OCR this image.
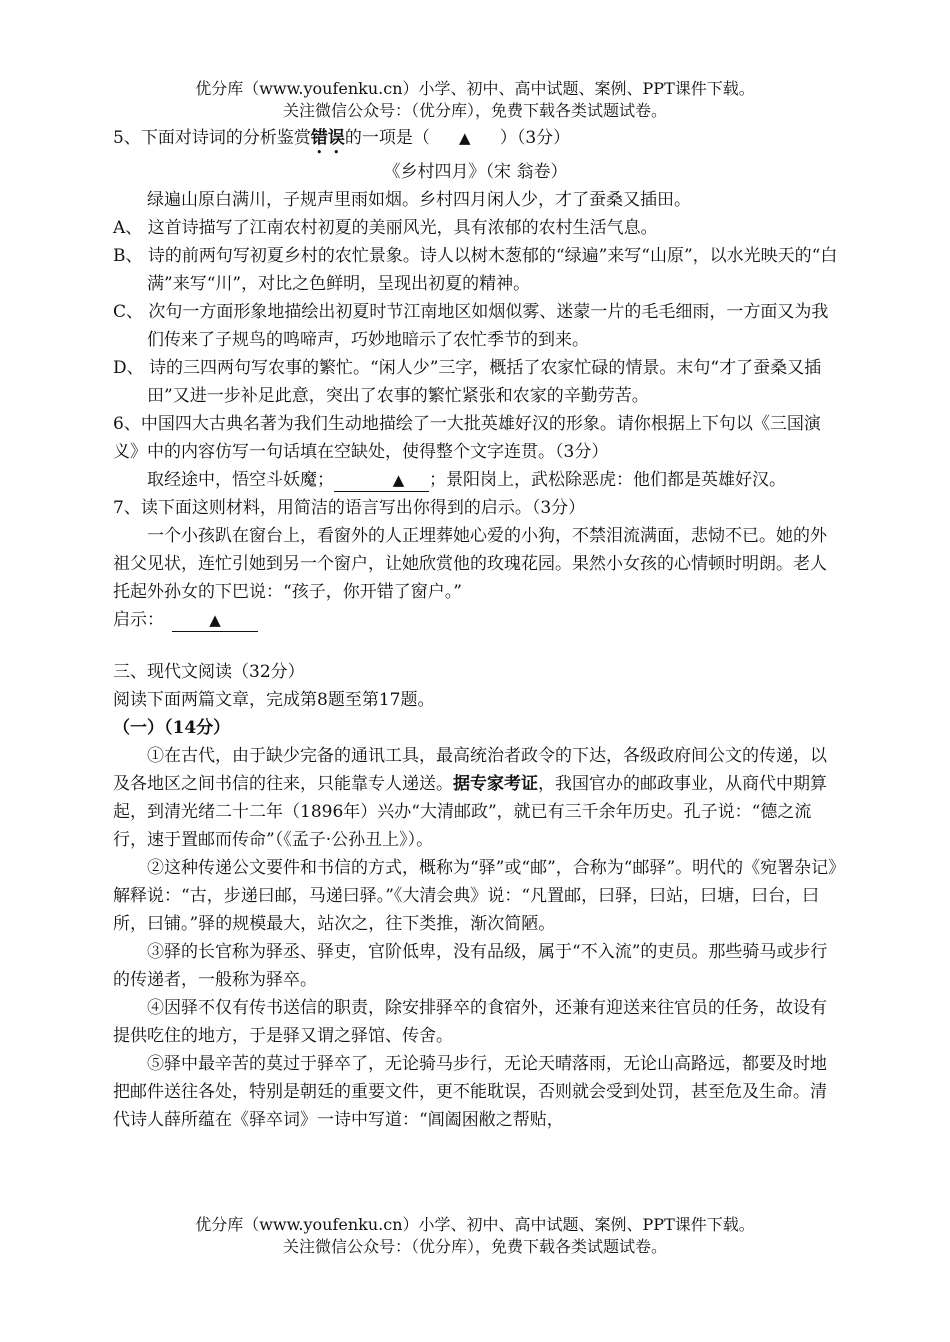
优分库（www.youfenku.cn）小学、初中、高中试题、案例、PPT课件下载。
关注微信公众号：（优分库），免费下载各类试题试卷。

5、下面对诗词的分析鉴赏错误的一项是（ ▲ ）（3分）

《乡村四月》（宋 翁卷）

绿遍山原白满川，子规声里雨如烟。乡村四月闲人少，才了蚕桑又插田。

A、 这首诗描写了江南农村初夏的美丽风光，具有浓郁的农村生活气息。

B、 诗的前两句写初夏乡村的农忙景象。诗人以树木葱郁的“绿遍”来写“山原”，以水光映天的“白满”来写“川”，对比之色鲜明，呈现出初夏的精神。

C、 次句一方面形象地描绘出初夏时节江南地区如烟似雾、迷蒙一片的毛毛细雨，一方面又为我们传来了子规鸟的鸣啼声，巧妙地暗示了农忙季节的到来。

D、 诗的三四两句写农事的繁忙。“闲人少”三字，概括了农家忙碌的情景。末句“才了蚕桑又插田”又进一步补足此意，突出了农事的繁忙紧张和农家的辛勤劳苦。

6、中国四大古典名著为我们生动地描绘了一大批英雄好汉的形象。请你根据上下句以《三国演义》中的内容仿写一句话填在空缺处，使得整个文字连贯。（3分）

取经途中，悟空斗妖魔；	▲ ；景阳岗上，武松除恶虎：他们都是英雄好汉。

7、读下面这则材料，用简洁的语言写出你得到的启示。（3分）

一个小孩趴在窗台上，看窗外的人正埋葬她心爱的小狗，不禁泪流满面，悲恸不已。她的外祖父见状，连忙引她到另一个窗户，让她欣赏他的玫瑰花园。果然小女孩的心情顿时明朗。老人托起外孙女的下巴说：“孩子，你开错了窗户。”

启示：	▲

三、现代文阅读（32分）

阅读下面两篇文章，完成第8题至第17题。

（一）（14分）

①在古代，由于缺少完备的通讯工具，最高统治者政令的下达，各级政府间公文的传递，以及各地区之间书信的往来，只能靠专人递送。据专家考证，我国官办的邮政事业，从商代中期算起，到清光绪二十二年（1896年）兴办“大清邮政”，就已有三千余年历史。孔子说：“德之流行，速于置邮而传命”（《孟子·公孙丑上》）。

②这种传递公文要件和书信的方式，概称为“驿”或“邮”，合称为“邮驿”。明代的《宛署杂记》解释说：“古，步递曰邮，马递曰驿。”《大清会典》说：“凡置邮，曰驿，曰站，曰塘，曰台，曰所，曰铺。”驿的规模最大，站次之，往下类推，渐次简陋。

③驿的长官称为驿丞、驿吏，官阶低卑，没有品级，属于“不入流”的吏员。那些骑马或步行的传递者，一般称为驿卒。

④因驿不仅有传书送信的职责，除安排驿卒的食宿外，还兼有迎送来往官员的任务，故设有提供吃住的地方，于是驿又谓之驿馆、传舍。

⑤驿中最辛苦的莫过于驿卒了，无论骑马步行，无论天晴落雨，无论山高路远，都要及时地把邮件送往各处，特别是朝廷的重要文件，更不能耽误，否则就会受到处罚，甚至危及生命。清代诗人薛所蕴在《驿卒词》一诗中写道：“阊阖困敝之帮贴，

优分库（www.youfenku.cn）小学、初中、高中试题、案例、PPT课件下载。
关注微信公众号：（优分库），免费下载各类试题试卷。
